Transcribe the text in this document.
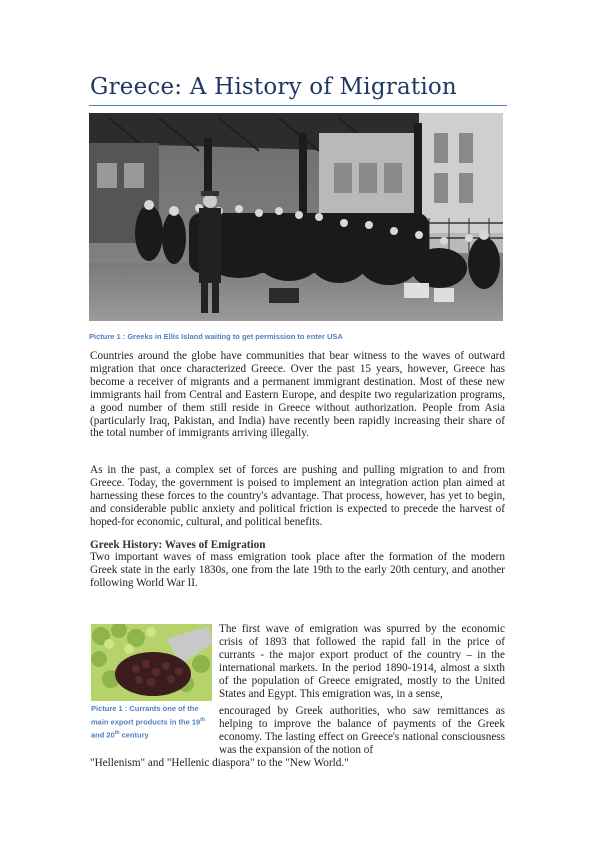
Greece: A History of Migration
Picture 1 : Greeks in Ellis Island waiting to get permission to enter USA
Countries around the globe have communities that bear witness to the waves of outward migration that once characterized Greece. Over the past 15 years, however, Greece has become a receiver of migrants and a permanent immigrant destination. Most of these new immigrants hail from Central and Eastern Europe, and despite two regularization programs, a good number of them still reside in Greece without authorization. People from Asia (particularly Iraq, Pakistan, and India) have recently been rapidly increasing their share of the total number of immigrants arriving illegally.
As in the past, a complex set of forces are pushing and pulling migration to and from Greece. Today, the government is poised to implement an integration action plan aimed at harnessing these forces to the country's advantage. That process, however, has yet to begin, and considerable public anxiety and political friction is expected to precede the harvest of hoped-for economic, cultural, and political benefits.
Greek History: Waves of Emigration
Two important waves of mass emigration took place after the formation of the modern Greek state in the early 1830s, one from the late 19th to the early 20th century, and another following World War II.
Picture 1 : Currants one of the main export products in the 19th and 20th century
The first wave of emigration was spurred by the economic crisis of 1893 that followed the rapid fall in the price of currants - the major export product of the country – in the international markets. In the period 1890-1914, almost a sixth of the population of Greece emigrated, mostly to the United States and Egypt. This emigration was, in a sense,
encouraged by Greek authorities, who saw remittances as helping to improve the balance of payments of the Greek economy. The lasting effect on Greece's national consciousness was the expansion of the notion of
"Hellenism" and "Hellenic diaspora" to the "New World."
